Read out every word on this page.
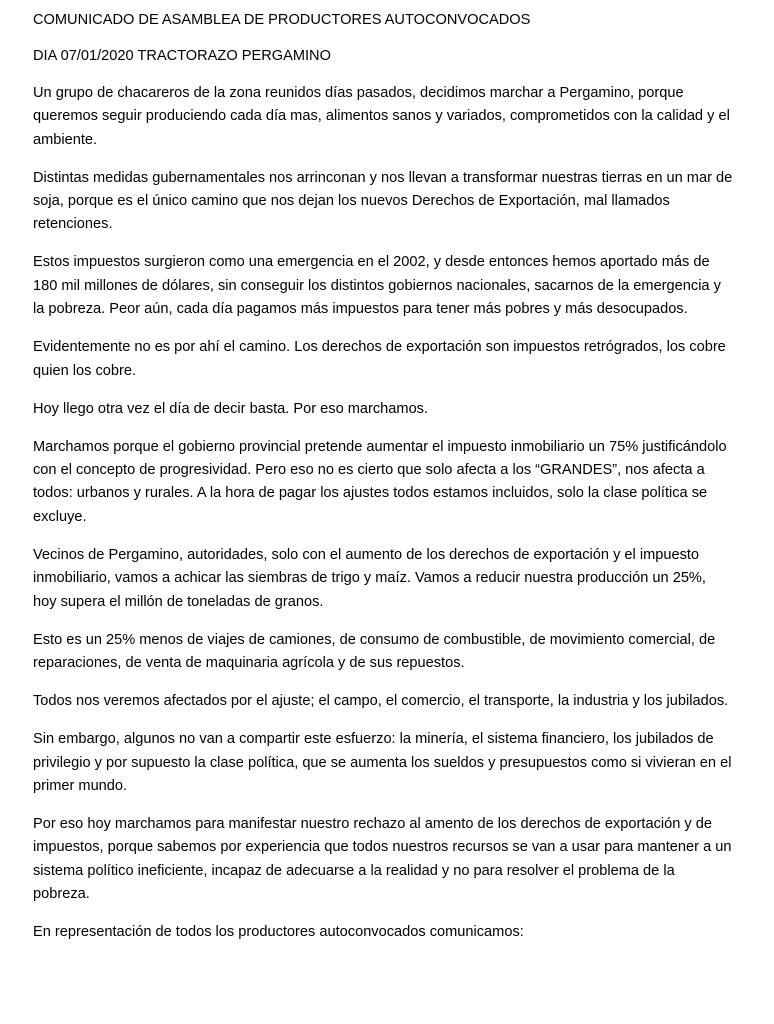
COMUNICADO DE ASAMBLEA DE PRODUCTORES AUTOCONVOCADOS
DIA 07/01/2020 TRACTORAZO PERGAMINO

Un grupo de chacareros de la zona reunidos días pasados, decidimos marchar a Pergamino, porque queremos seguir produciendo cada día mas, alimentos sanos y variados, comprometidos con la calidad y el ambiente.

Distintas medidas gubernamentales nos arrinconan y nos llevan a transformar nuestras tierras en un mar de soja, porque es el único camino que nos dejan los nuevos Derechos de Exportación, mal llamados retenciones.

Estos impuestos surgieron como una emergencia en el 2002, y desde entonces hemos aportado más de 180 mil millones de dólares, sin conseguir los distintos gobiernos nacionales, sacarnos de la emergencia y la pobreza. Peor aún, cada día pagamos más impuestos para tener más pobres y más desocupados.

Evidentemente no es por ahí el camino. Los derechos de exportación son impuestos retrógrados, los cobre quien los cobre.

Hoy llego otra vez el día de decir basta. Por eso marchamos.

Marchamos porque el gobierno provincial pretende aumentar el impuesto inmobiliario un 75% justificándolo con el concepto de progresividad. Pero eso no es cierto que solo afecta a los “GRANDES”, nos afecta a todos: urbanos y rurales. A la hora de pagar los ajustes todos estamos incluidos, solo la clase política se excluye.

Vecinos de Pergamino, autoridades, solo con el aumento de los derechos de exportación y el impuesto inmobiliario, vamos a achicar las siembras de trigo y maíz. Vamos a reducir nuestra producción un 25%, hoy supera el millón de toneladas de granos.

Esto es un 25% menos de viajes de camiones, de consumo de combustible, de movimiento comercial, de reparaciones, de venta de maquinaria agrícola y de sus repuestos.

Todos nos veremos afectados por el ajuste; el campo, el comercio, el transporte, la industria y los jubilados.

Sin embargo, algunos no van a compartir este esfuerzo: la minería, el sistema financiero, los jubilados de privilegio y por supuesto la clase política, que se aumenta los sueldos y presupuestos como si vivieran en el primer mundo.

Por eso hoy marchamos para manifestar nuestro rechazo al amento de los derechos de exportación y de impuestos, porque sabemos por experiencia que todos nuestros recursos se van a usar para mantener a un sistema político ineficiente, incapaz de adecuarse a la realidad y no para resolver el problema de la pobreza.

En representación de todos los productores autoconvocados comunicamos:
